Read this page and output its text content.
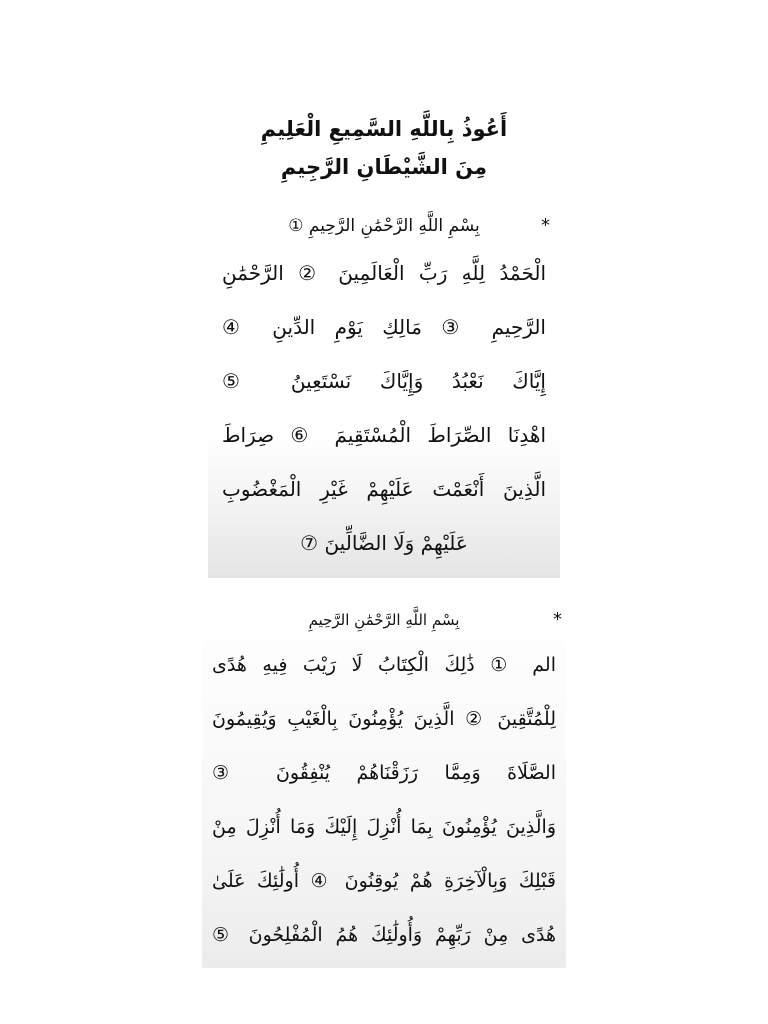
أَعُوذُ بِاللَّهِ السَّمِيعِ الْعَلِيمِ
مِنَ الشَّيْطَانِ الرَّجِيمِ
*
بِسْمِ اللَّهِ الرَّحْمَٰنِ الرَّحِيمِ ①
الْحَمْدُ لِلَّهِ رَبِّ الْعَالَمِينَ ② الرَّحْمَٰنِ
الرَّحِيمِ ③ مَالِكِ يَوْمِ الدِّينِ ④
إِيَّاكَ نَعْبُدُ وَإِيَّاكَ نَسْتَعِينُ ⑤
اهْدِنَا الصِّرَاطَ الْمُسْتَقِيمَ ⑥ صِرَاطَ
الَّذِينَ أَنْعَمْتَ عَلَيْهِمْ غَيْرِ الْمَغْضُوبِ
عَلَيْهِمْ وَلَا الضَّالِّينَ ⑦
*
بِسْمِ اللَّهِ الرَّحْمَٰنِ الرَّحِيمِ
الم ① ذَٰلِكَ الْكِتَابُ لَا رَيْبَ فِيهِ هُدًى
لِلْمُتَّقِينَ ② الَّذِينَ يُؤْمِنُونَ بِالْغَيْبِ وَيُقِيمُونَ
الصَّلَاةَ وَمِمَّا رَزَقْنَاهُمْ يُنْفِقُونَ ③
وَالَّذِينَ يُؤْمِنُونَ بِمَا أُنْزِلَ إِلَيْكَ وَمَا أُنْزِلَ مِنْ
قَبْلِكَ وَبِالْآخِرَةِ هُمْ يُوقِنُونَ ④ أُولَٰئِكَ عَلَىٰ
هُدًى مِنْ رَبِّهِمْ وَأُولَٰئِكَ هُمُ الْمُفْلِحُونَ ⑤
